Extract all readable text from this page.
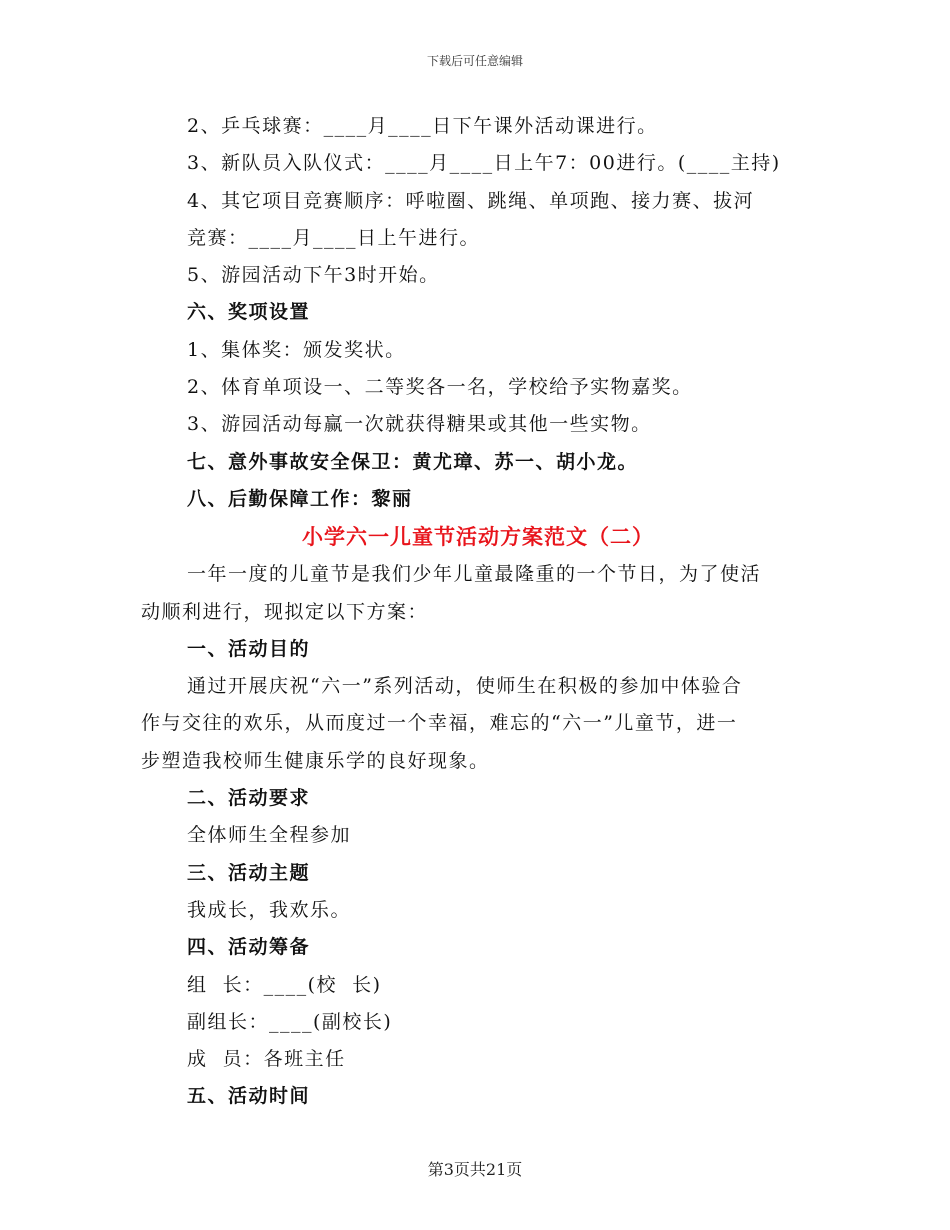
下载后可任意编辑
2、乒乓球赛：____月____日下午课外活动课进行。
3、新队员入队仪式：____月____日上午7：00进行。(____主持)
4、其它项目竞赛顺序：呼啦圈、跳绳、单项跑、接力赛、拔河
竞赛：____月____日上午进行。
5、游园活动下午3时开始。
六、奖项设置
1、集体奖：颁发奖状。
2、体育单项设一、二等奖各一名，学校给予实物嘉奖。
3、游园活动每赢一次就获得糖果或其他一些实物。
七、意外事故安全保卫：黄尤璋、苏一、胡小龙。
八、后勤保障工作：黎丽
小学六一儿童节活动方案范文（二）
一年一度的儿童节是我们少年儿童最隆重的一个节日，为了使活
动顺利进行，现拟定以下方案：
一、活动目的
通过开展庆祝“六一”系列活动，使师生在积极的参加中体验合
作与交往的欢乐，从而度过一个幸福，难忘的“六一”儿童节，进一
步塑造我校师生健康乐学的良好现象。
二、活动要求
全体师生全程参加
三、活动主题
我成长，我欢乐。
四、活动筹备
组  长：____(校  长)
副组长：____(副校长)
成  员：各班主任
五、活动时间
第3页共21页
